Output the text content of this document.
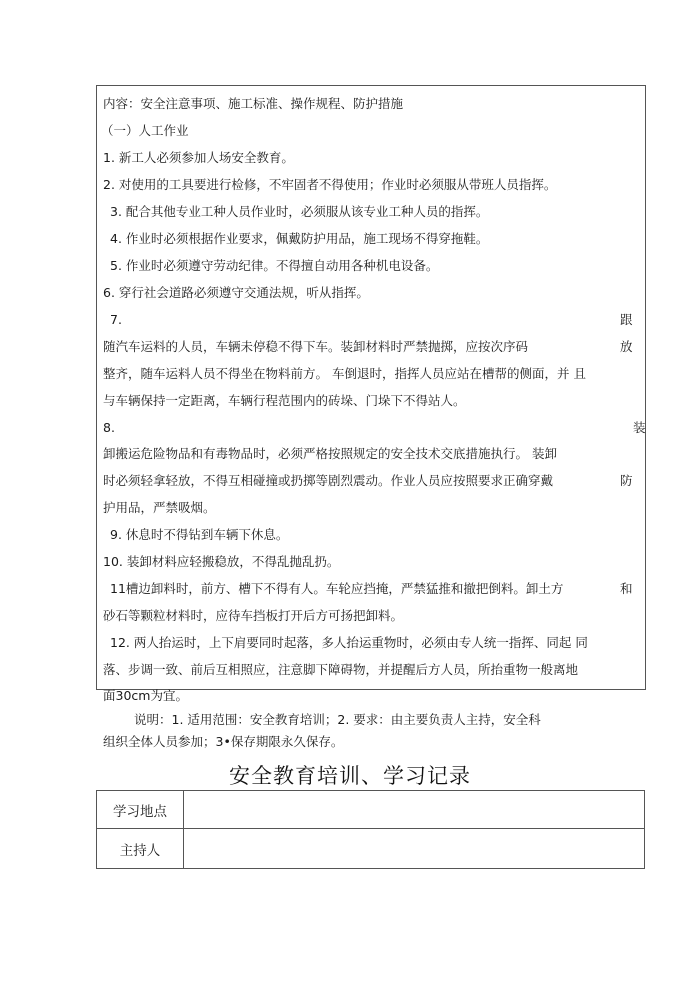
内容：安全注意事项、施工标准、操作规程、防护措施
（一）人工作业
1. 新工人必须参加人场安全教育。
2. 对使用的工具要进行检修，不牢固者不得使用；作业时必须服从带班人员指挥。
3. 配合其他专业工种人员作业时，必须服从该专业工种人员的指挥。
4. 作业时必须根据作业要求，佩戴防护用品，施工现场不得穿拖鞋。
5. 作业时必须遵守劳动纪律。不得擅自动用各种机电设备。
6. 穿行社会道路必须遵守交通法规，听从指挥。
7.	跟
随汽车运料的人员，车辆未停稳不得下车。装卸材料时严禁抛掷，应按次序码	放
整齐，随车运料人员不得坐在物料前方。 车倒退时，指挥人员应站在槽帮的侧面，并 且
与车辆保持一定距离，车辆行程范围内的砖垛、门垛下不得站人。
8.	装
卸搬运危险物品和有毒物品时，必须严格按照规定的安全技术交底措施执行。 装卸
时必须轻拿轻放，不得互相碰撞或扔掷等剧烈震动。作业人员应按照要求正确穿戴	防
护用品，严禁吸烟。
9. 休息时不得钻到车辆下休息。
10. 装卸材料应轻搬稳放，不得乱抛乱扔。
11槽边卸料时，前方、槽下不得有人。车轮应挡掩，严禁猛推和撤把倒料。卸土方	和
砂石等颗粒材料时，应待车挡板打开后方可扬把卸料。
12. 两人抬运时，上下肩要同时起落，多人抬运重物时，必须由专人统一指挥、同起 同
落、步调一致、前后互相照应，注意脚下障碍物，并提醒后方人员，所抬重物一般离地
面30cm为宜。
说明：1. 适用范围：安全教育培训；2. 要求：由主要负责人主持，安全科
组织全体人员参加；3•保存期限永久保存。
安全教育培训、学习记录
学习地点	
主持人	
